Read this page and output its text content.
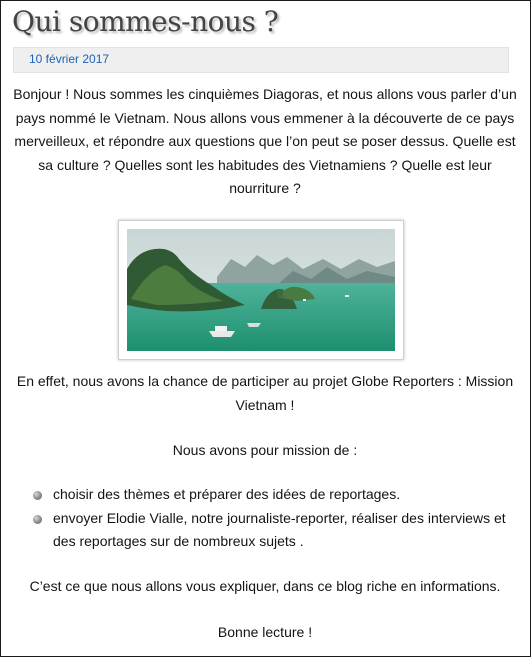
Qui sommes-nous ?
10 février 2017

Bonjour ! Nous sommes les cinquièmes Diagoras, et nous allons vous parler d’un pays nommé le Vietnam. Nous allons vous emmener à la découverte de ce pays merveilleux, et répondre aux questions que l’on peut se poser dessus. Quelle est sa culture ? Quelles sont les habitudes des Vietnamiens ? Quelle est leur nourriture ?

En effet, nous avons la chance de participer au projet Globe Reporters : Mission Vietnam !

Nous avons pour mission de :

choisir des thèmes et préparer des idées de reportages.
envoyer Elodie Vialle, notre journaliste-reporter, réaliser des interviews et des reportages sur de nombreux sujets .

C’est ce que nous allons vous expliquer, dans ce blog riche en informations.

Bonne lecture !
